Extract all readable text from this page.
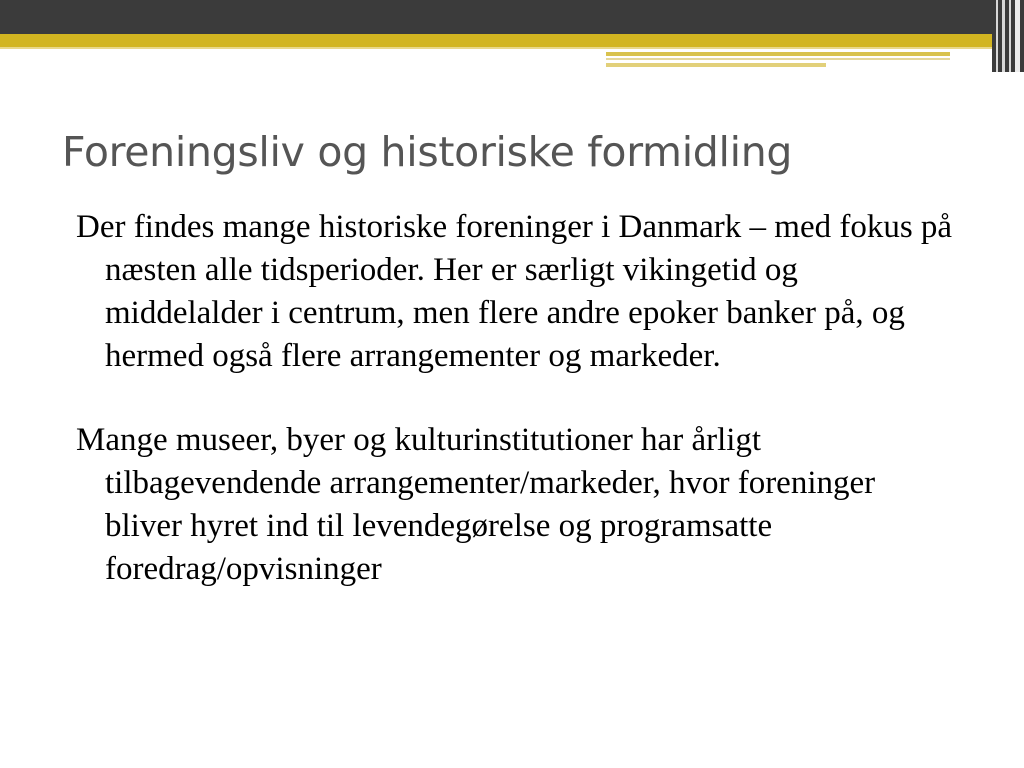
Foreningsliv og historiske formidling

Der findes mange historiske foreninger i Danmark – med fokus på næsten alle tidsperioder. Her er særligt vikingetid og middelalder i centrum, men flere andre epoker banker på, og hermed også flere arrangementer og markeder.

Mange museer, byer og kulturinstitutioner har årligt tilbagevendende arrangementer/markeder, hvor foreninger bliver hyret ind til levendegørelse og programsatte foredrag/opvisninger
